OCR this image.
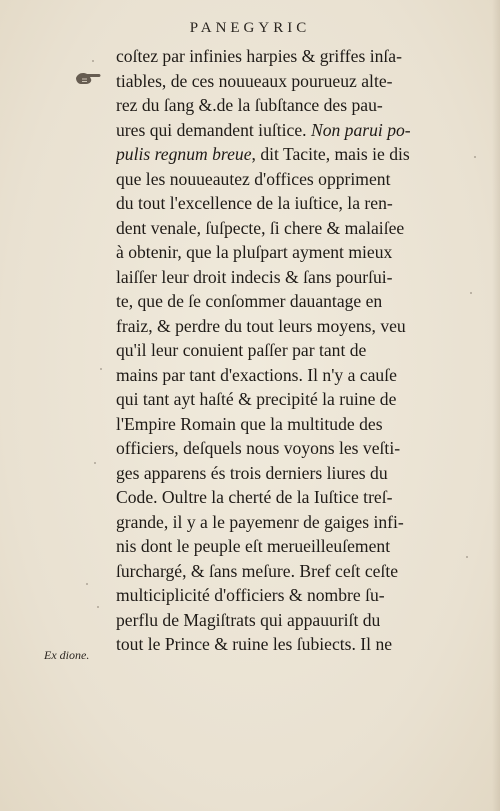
PANEGYRIC
coſtez par infinies harpies & griffes inſa-
tiables, de ces nouueaux pourueuz alte-
rez du ſang &.de la ſubſtance des pau-
ures qui demandent iuſtice. Non parui po-
pulis regnum breue, dit Tacite, mais ie dis
que les nouueautez d'offices oppriment
du tout l'excellence de la iuſtice, la ren-
dent venale, ſuſpecte, ſi chere & malaiſee
à obtenir, que la pluſpart ayment mieux
laiſſer leur droit indecis & ſans pourſui-
te, que de ſe conſommer dauantage en
fraiz, & perdre du tout leurs moyens, veu
qu'il leur conuient paſſer par tant de
mains par tant d'exactions. Il n'y a cauſe
qui tant ayt haſté & precipité la ruine de
l'Empire Romain que la multitude des
officiers, deſquels nous voyons les veſti-
ges apparens és trois derniers liures du
Code. Oultre la cherté de la Iuſtice treſ-
grande, il y a le payemenr de gaiges infi-
nis dont le peuple eſt merueilleuſement
ſurchargé, & ſans meſure. Bref ceſt ceſte
multiciplicité d'officiers & nombre ſu-
perflu de Magiſtrats qui appauuriſt du
tout le Prince & ruine les ſubiects. Il ne
Ex dione.
